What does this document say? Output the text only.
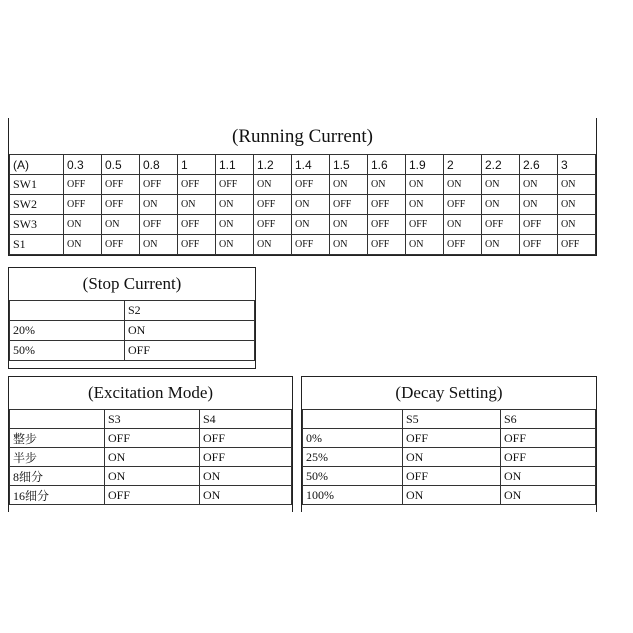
(Running Current)
(A)	0.3	0.5	0.8	1	1.1	1.2	1.4	1.5	1.6	1.9	2	2.2	2.6	3
SW1	OFF	OFF	OFF	OFF	OFF	ON	OFF	ON	ON	ON	ON	ON	ON	ON
SW2	OFF	OFF	ON	ON	ON	OFF	ON	OFF	OFF	ON	OFF	ON	ON	ON
SW3	ON	ON	OFF	OFF	ON	OFF	ON	ON	OFF	OFF	ON	OFF	OFF	ON
S1	ON	OFF	ON	OFF	ON	ON	OFF	ON	OFF	ON	OFF	ON	OFF	OFF
(Stop Current)
	S2
20%	ON
50%	OFF
(Excitation Mode)
	S3	S4
整步	OFF	OFF
半步	ON	OFF
8细分	ON	ON
16细分	OFF	ON
(Decay Setting)
	S5	S6
0%	OFF	OFF
25%	ON	OFF
50%	OFF	ON
100%	ON	ON
